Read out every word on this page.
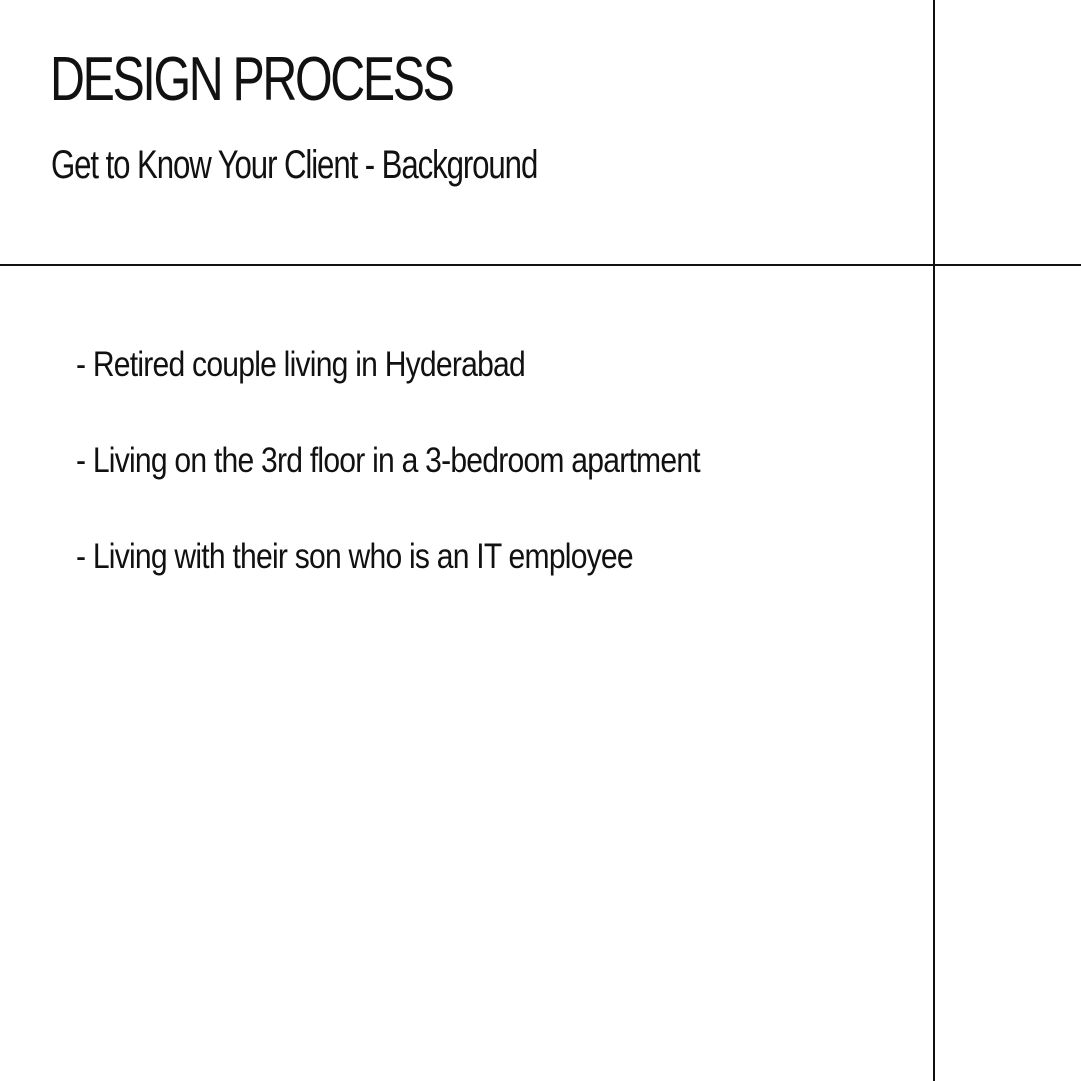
DESIGN PROCESS
Get to Know Your Client - Background
- Retired couple living in Hyderabad
- Living on the 3rd floor in a 3-bedroom apartment
- Living with their son who is an IT employee
